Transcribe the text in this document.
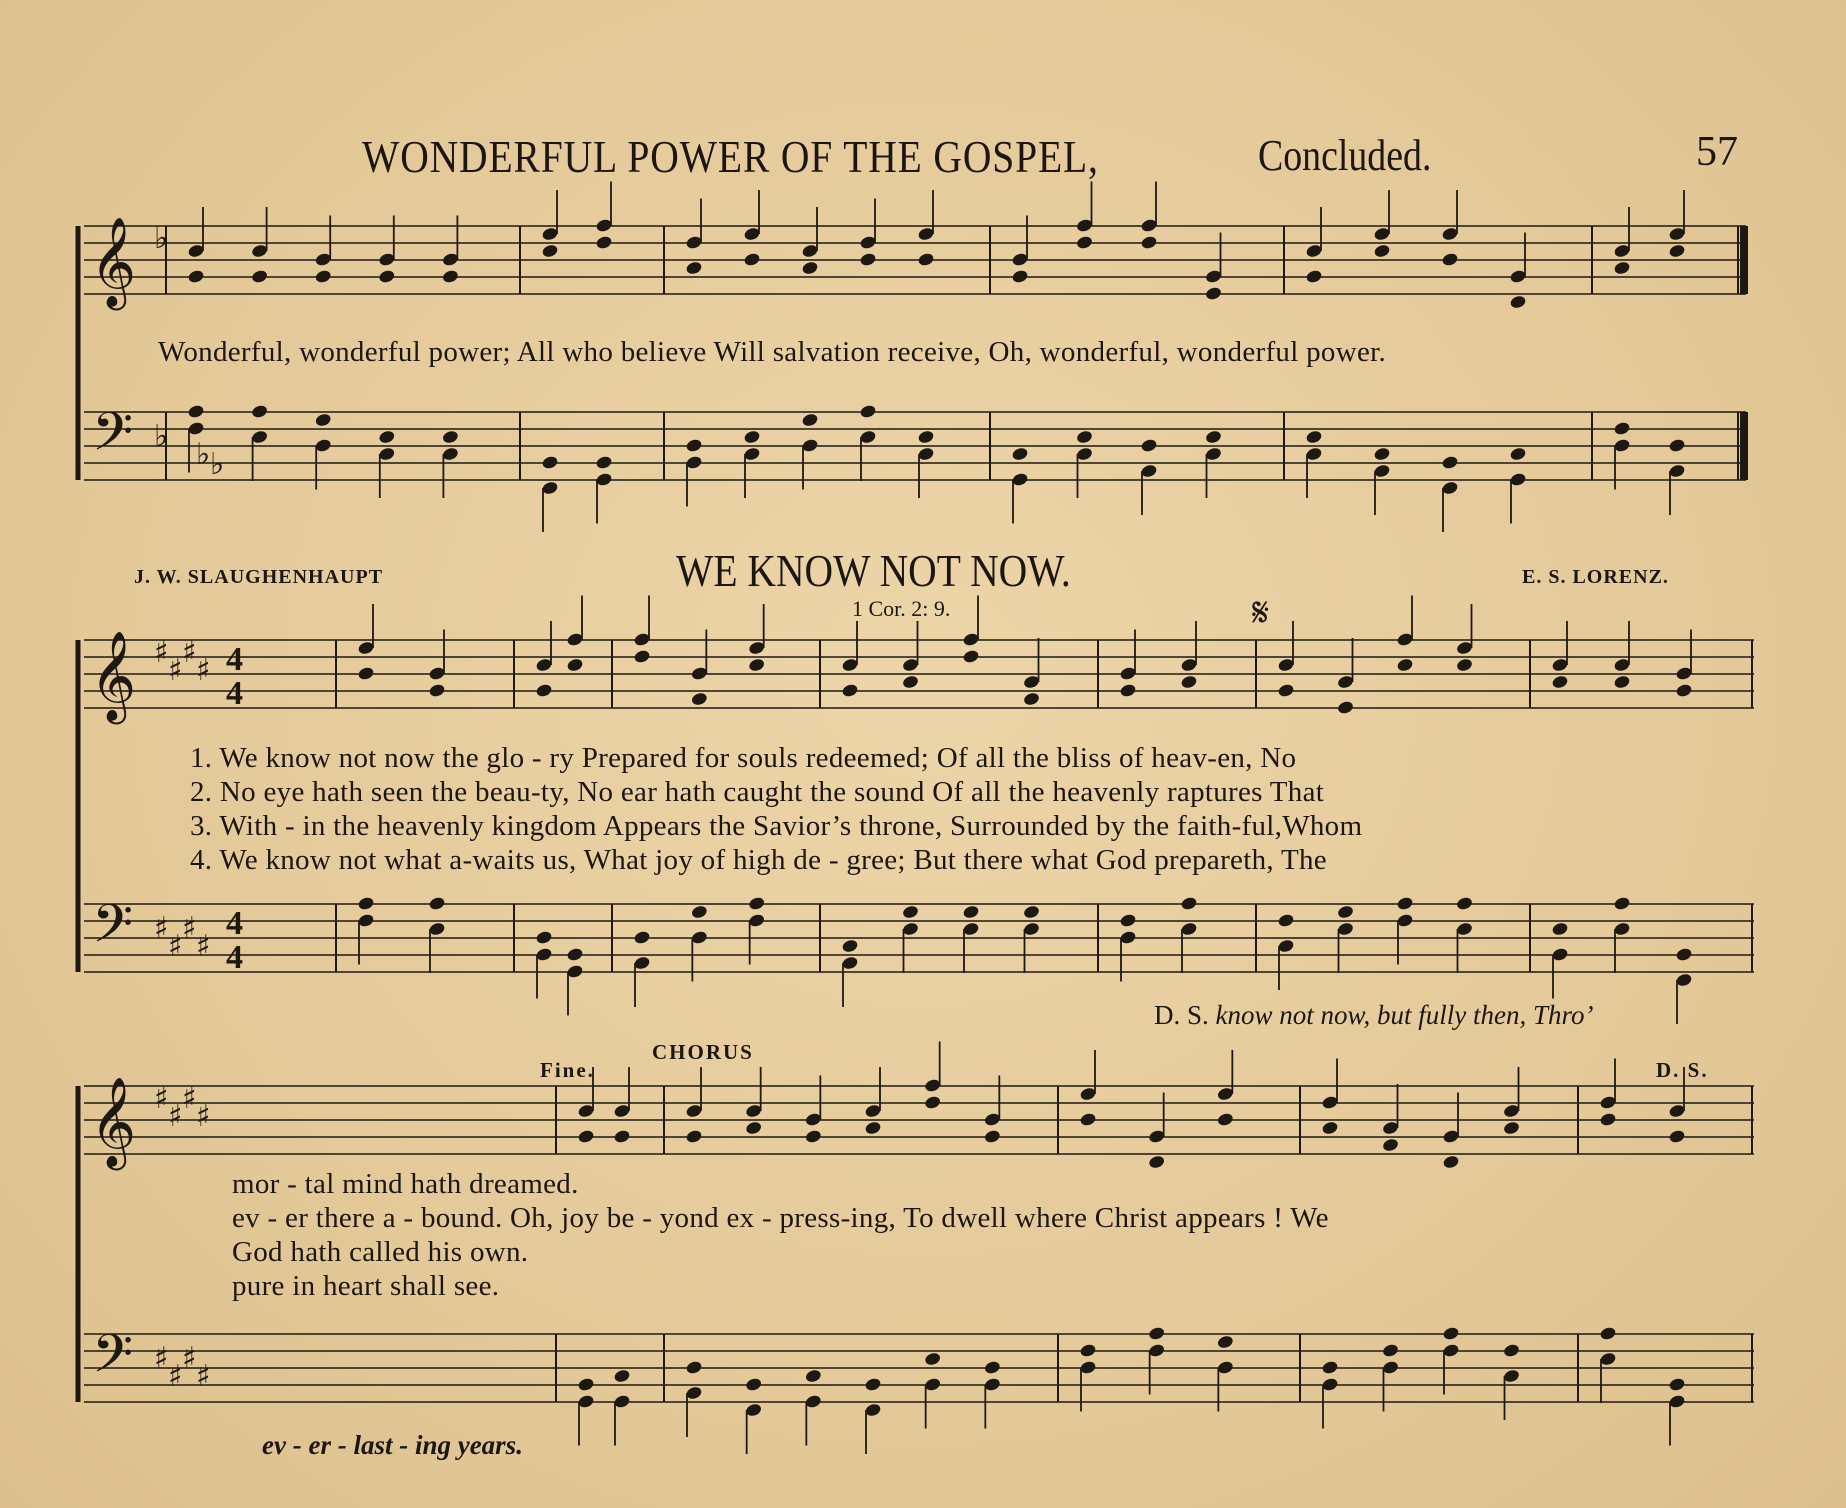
WONDERFUL POWER OF THE GOSPEL,	Concluded.	57
𝄞
𝄢
♭
♭
♭ ♭
𝄞
𝄢
♯
♯
♯
♯
♯
♯
♯
♯
4
4
4
4
𝄞
𝄢
♯
♯
♯
♯
♯
♯
♯
♯
Wonderful, wonderful power; All who believe Will salvation receive, Oh, wonderful, wonderful power.
J. W. SLAUGHENHAUPT	WE KNOW NOT NOW.	E. S. LORENZ.
1 Cor. 2: 9.	𝄋
1. We know not now the glo - ry Prepared for souls redeemed; Of all the bliss of heav-en, No
2. No eye hath seen the beau-ty, No ear hath caught the sound Of all the heavenly raptures That
3. With - in the heavenly kingdom Appears the Savior’s throne, Surrounded by the faith-ful,Whom
4. We know not what a-waits us, What joy of high de - gree; But there what God prepareth, The
D. S. know not now, but fully then, Thro’
Fine.
CHORUS
D. S.
mor - tal mind hath dreamed.
ev - er there a - bound. Oh, joy be - yond ex - press-ing, To dwell where Christ appears ! We
God hath called his own.
pure in heart shall see.
ev - er - last - ing years.
